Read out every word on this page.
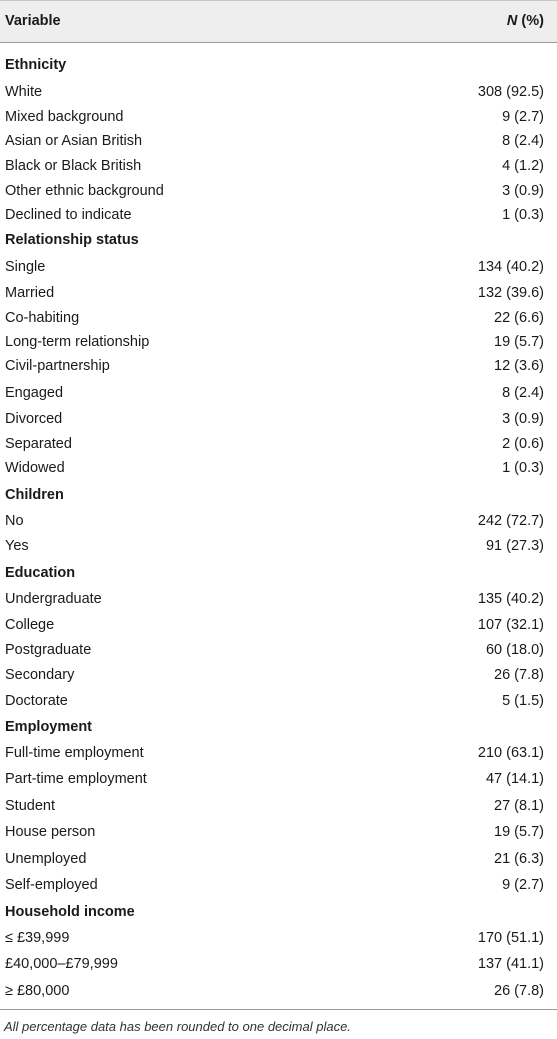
Variable	N (%)
Ethnicity
White	308 (92.5)
Mixed background	9 (2.7)
Asian or Asian British	8 (2.4)
Black or Black British	4 (1.2)
Other ethnic background	3 (0.9)
Declined to indicate	1 (0.3)
Relationship status
Single	134 (40.2)
Married	132 (39.6)
Co-habiting	22 (6.6)
Long-term relationship	19 (5.7)
Civil-partnership	12 (3.6)
Engaged	8 (2.4)
Divorced	3 (0.9)
Separated	2 (0.6)
Widowed	1 (0.3)
Children
No	242 (72.7)
Yes	91 (27.3)
Education
Undergraduate	135 (40.2)
College	107 (32.1)
Postgraduate	60 (18.0)
Secondary	26 (7.8)
Doctorate	5 (1.5)
Employment
Full-time employment	210 (63.1)
Part-time employment	47 (14.1)
Student	27 (8.1)
House person	19 (5.7)
Unemployed	21 (6.3)
Self-employed	9 (2.7)
Household income
≤ £39,999	170 (51.1)
£40,000–£79,999	137 (41.1)
≥ £80,000	26 (7.8)
All percentage data has been rounded to one decimal place.
